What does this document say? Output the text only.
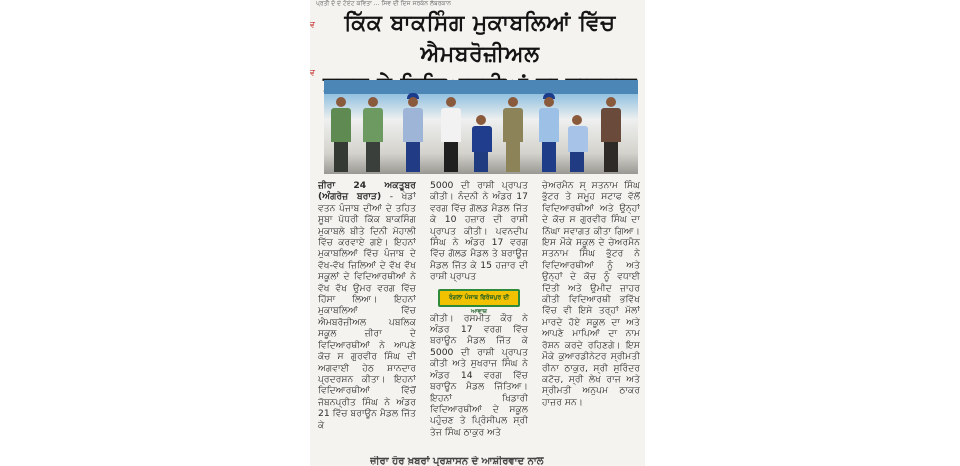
ਪ੍ਰਤੀ ਦੋ ਦੇ ਟੋਏਟ ਕਵਿਤਾ ... ਸਿਵ ਦੀ ਦਿਸ ਸਰਕੰਨ ਲੰਬਰਕਾਨ
ਵ
ਵ
ਕਿੱਕ ਬਾਕਸਿੰਗ ਮੁਕਾਬਲਿਆਂ ਵਿੱਚ ਐਮਬਰੋਜ਼ੀਅਲ
ਜ਼ੀਰਾ 24 ਅਕਤੂਬਰ (ਅੰਗਰੇਜ਼ ਬਰਾੜ) - ਖੇਡਾਂ ਵਤਨ ਪੰਜਾਬ ਦੀਆਂ ਦੇ ਤਹਿਤ ਸੂਬਾ ਪੱਧਰੀ ਕਿੱਕ ਬਾਕਸਿੰਗ ਮੁਕਾਬਲੇ ਬੀਤੇ ਦਿਨੀ ਮੋਹਾਲੀ ਵਿੱਚ ਕਰਵਾਏ ਗਏ। ਇਹਨਾਂ ਮੁਕਾਬਲਿਆਂ ਵਿੱਚ ਪੰਜਾਬ ਦੇ ਵੱਖ-ਵੱਖ ਜ਼ਿਲਿਆਂ ਦੇ ਵੱਖ ਵੱਖ ਸਕੂਲਾਂ ਦੇ ਵਿਦਿਆਰਥੀਆਂ ਨੇ ਵੱਖ ਵੱਖ ਉਮਰ ਵਰਗ ਵਿੱਚ ਹਿੱਸਾ ਲਿਆ। ਇਹਨਾਂ ਮੁਕਾਬਲਿਆਂ ਵਿੱਚ ਐਮਬਰੋਜ਼ੀਅਲ ਪਬਲਿਕ ਸਕੂਲ ਜ਼ੀਰਾ ਦੇ ਵਿਦਿਆਰਥੀਆਂ ਨੇ ਆਪਣੇ ਕੋਚ ਸ ਗੁਰਵੀਰ ਸਿੰਘ ਦੀ ਅਗਵਾਈ ਹੇਠ ਸ਼ਾਨਦਾਰ ਪ੍ਰਦਰਸ਼ਨ ਕੀਤਾ। ਇਹਨਾਂ ਵਿਦਿਆਰਥੀਆਂ ਵਿੱਚੋਂ ਜੋਬਨਪ੍ਰੀਤ ਸਿੰਘ ਨੇ ਅੰਡਰ 21 ਵਿੱਚ ਬਰਾਊਨ ਮੈਡਲ ਜਿੱਤ ਕੇ
5000 ਦੀ ਰਾਸ਼ੀ ਪ੍ਰਾਪਤ ਕੀਤੀ। ਨੰਦਨੀ ਨੇ ਅੰਡਰ 17 ਵਰਗ ਵਿੱਚ ਗੋਲਡ ਮੈਡਲ ਜਿੱਤ ਕੇ 10 ਹਜ਼ਾਰ ਦੀ ਰਾਸ਼ੀ ਪ੍ਰਾਪਤ ਕੀਤੀ। ਪਵਨਦੀਪ ਸਿੰਘ ਨੇ ਅੰਡਰ 17 ਵਰਗ ਵਿੱਚ ਗੋਲਡ ਮੈਡਲ ਤੇ ਬਰਾਊਜ਼ ਮੈਡਲ ਜਿੱਤ ਕੇ 15 ਹਜ਼ਾਰ ਦੀ ਰਾਸ਼ੀ ਪ੍ਰਾਪਤ
ਰੰਗਲਾ ਪੰਜਾਬ ਫਿਰੋਜ਼ਪੁਰ ਦੀ ਆਵਾਜ਼
ਕੀਤੀ। ਰਸਮੀਤ ਕੌਰ ਨੇ ਅੰਡਰ 17 ਵਰਗ ਵਿੱਚ ਬਰਾਊਨ ਮੈਡਲ ਜਿੱਤ ਕੇ 5000 ਦੀ ਰਾਸ਼ੀ ਪ੍ਰਾਪਤ ਕੀਤੀ ਅਤੇ ਸੁਖਰਾਜ ਸਿੰਘ ਨੇ ਅੰਡਰ 14 ਵਰਗ ਵਿੱਚ ਬਰਾਊਨ ਮੈਡਲ ਜਿੱਤਿਆ। ਇਹਨਾਂ ਖਿਡਾਰੀ ਵਿਦਿਆਰਥੀਆਂ ਦੇ ਸਕੂਲ ਪਹੁੰਚਣ ਤੇ ਪ੍ਰਿੰਸੀਪਲ ਸ੍ਰੀ ਤੇਜ ਸਿੰਘ ਠਾਕੁਰ ਅਤੇ
ਚੇਅਰਮੈਨ ਸ੍ ਸਤਨਾਮ ਸਿੰਘ ਭੁੱਟਰ ਤੇ ਸਮੂਹ ਸਟਾਫ ਵੱਲੋਂ ਵਿਦਿਆਰਥੀਆਂ ਅਤੇ ਉਨ੍ਹਾਂ ਦੇ ਕੋਚ ਸ ਗੁਰਵੀਰ ਸਿੰਘ ਦਾ ਨਿੱਘਾ ਸਵਾਗਤ ਕੀਤਾ ਗਿਆ। ਇਸ ਮੌਕੇ ਸਕੂਲ ਦੇ ਚੇਅਰਮੈਨ ਸਤਨਾਮ ਸਿੰਘ ਭੁੱਟਰ ਨੇ ਵਿਦਿਆਰਥੀਆਂ ਨੂੰ ਅਤੇ ਉਨ੍ਹਾਂ ਦੇ ਕੋਚ ਨੂੰ ਵਧਾਈ ਦਿੱਤੀ ਅਤੇ ਉਮੀਦ ਜ਼ਾਹਰ ਕੀਤੀ ਵਿਦਿਆਰਥੀ ਭਵਿੱਖ ਵਿੱਚ ਵੀ ਇਸੇ ਤਰ੍ਹਾਂ ਮੱਲਾਂ ਮਾਰਦੇ ਹੋਏ ਸਕੂਲ ਦਾ ਅਤੇ ਆਪਣੇ ਮਾਪਿਆਂ ਦਾ ਨਾਮ ਰੋਸ਼ਨ ਕਰਦੇ ਰਹਿਣਗੇ। ਇਸ ਮੌਕੇ ਕੁਆਰਡੀਨੇਟਰ ਸ੍ਰੀਮਤੀ ਰੀਨਾ ਠਾਕੁਰ, ਸ੍ਰੀ ਸੁਰਿੰਦਰ ਕਟੋਚ, ਸ੍ਰੀ ਲੇਖ ਰਾਜ ਅਤੇ ਸ੍ਰੀਮਤੀ ਅਨੁਪਮ ਠਾਕਰ ਹਾਜ਼ਰ ਸਨ।
ਜ਼ੀਰਾ ਹੋਰ ਖ਼ਬਰਾਂ ਪ੍ਰਸ਼ਾਸਨ ਦੇ ਆਸ਼ੀਰਵਾਦ ਨਾਲ
